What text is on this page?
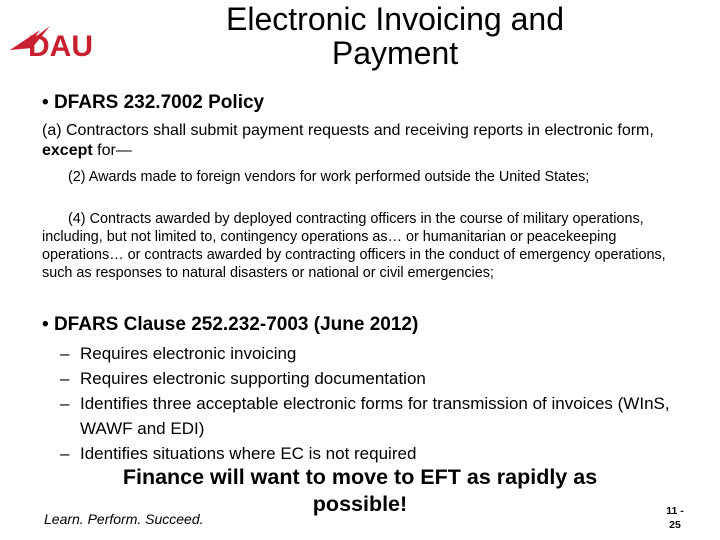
DAU
Electronic Invoicing and
Payment
• DFARS 232.7002 Policy
(a) Contractors shall submit payment requests and receiving reports in electronic form, except for—
(2) Awards made to foreign vendors for work performed outside the United States;
(4) Contracts awarded by deployed contracting officers in the course of military operations, including, but not limited to, contingency operations as… or humanitarian or peacekeeping operations… or contracts awarded by contracting officers in the conduct of emergency operations, such as responses to natural disasters or national or civil emergencies;
• DFARS Clause 252.232-7003 (June 2012)
– Requires electronic invoicing
– Requires electronic supporting documentation
– Identifies three acceptable electronic forms for transmission of invoices (WInS, WAWF and EDI)
– Identifies situations where EC is not required
Finance will want to move to EFT as rapidly as
possible!
Learn. Perform. Succeed.	11 -
25
